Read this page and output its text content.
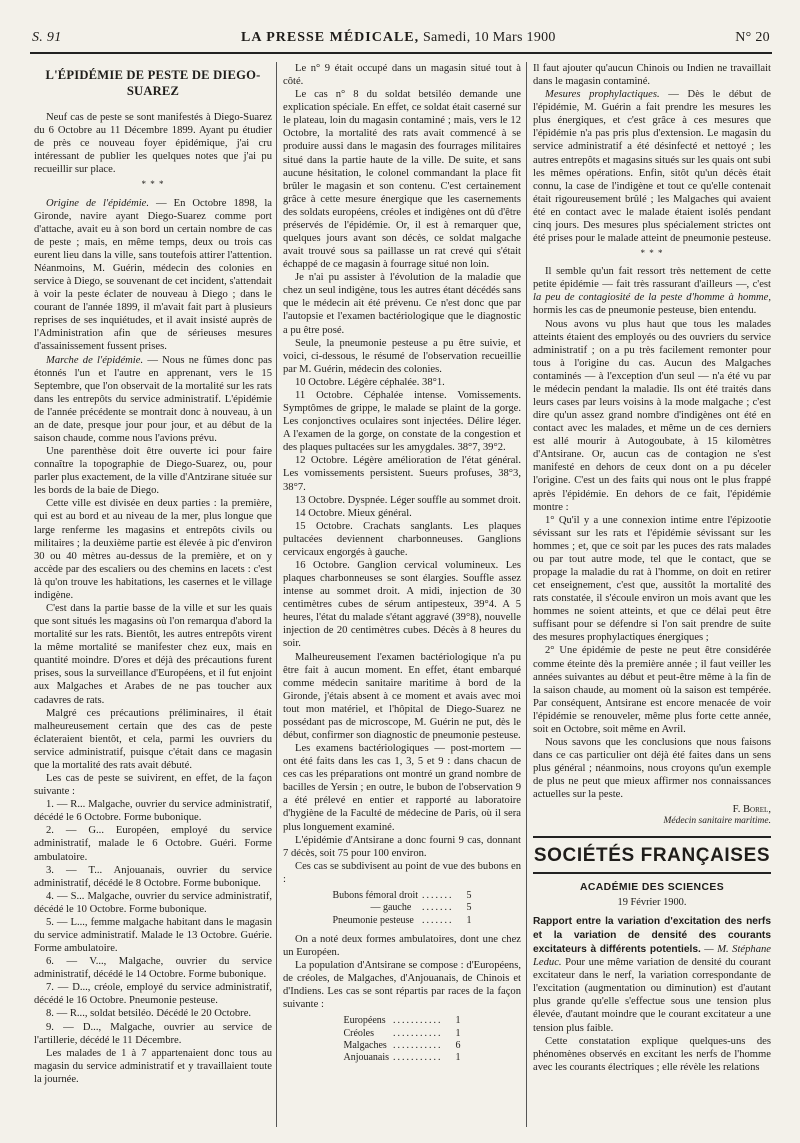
S. 91	LA PRESSE MÉDICALE, Samedi, 10 Mars 1900	N° 20
L'ÉPIDÉMIE DE PESTE DE DIEGO-SUAREZ

Neuf cas de peste se sont manifestés à Diego-Suarez du 6 Octobre au 11 Décembre 1899. Ayant pu étudier de près ce nouveau foyer épidémique, j'ai cru intéressant de publier les quelques notes que j'ai pu recueillir sur place.

* * *

Origine de l'épidémie. — En Octobre 1898, la Gironde, navire ayant Diego-Suarez comme port d'attache, avait eu à son bord un certain nombre de cas de peste ; mais, en même temps, deux ou trois cas eurent lieu dans la ville, sans toutefois attirer l'attention. Néanmoins, M. Guérin, médecin des colonies en service à Diego, se souvenant de cet incident, s'attendait à voir la peste éclater de nouveau à Diego ; dans le courant de l'année 1899, il m'avait fait part à plusieurs reprises de ses inquiétudes, et il avait insisté auprès de l'Administration afin que de sérieuses mesures d'assainissement fussent prises.

Marche de l'épidémie. — Nous ne fûmes donc pas étonnés l'un et l'autre en apprenant, vers le 15 Septembre, que l'on observait de la mortalité sur les rats dans les entrepôts du service administratif. L'épidémie de l'année précédente se montrait donc à nouveau, à un an de date, presque jour pour jour, et au début de la saison chaude, comme nous l'avions prévu.

Une parenthèse doit être ouverte ici pour faire connaître la topographie de Diego-Suarez, ou, pour parler plus exactement, de la ville d'Antzirane située sur les bords de la baie de Diego.

Cette ville est divisée en deux parties : la première, qui est au bord et au niveau de la mer, plus longue que large renferme les magasins et entrepôts civils ou militaires ; la deuxième partie est élevée à pic d'environ 30 ou 40 mètres au-dessus de la première, et on y accède par des escaliers ou des chemins en lacets : c'est là qu'on trouve les habitations, les casernes et le village indigène.

C'est dans la partie basse de la ville et sur les quais que sont situés les magasins où l'on remarqua d'abord la mortalité sur les rats. Bientôt, les autres entrepôts virent la même mortalité se manifester chez eux, mais en quantité moindre. D'ores et déjà des précautions furent prises, sous la surveillance d'Européens, et il fut enjoint aux Malgaches et Arabes de ne pas toucher aux cadavres de rats.

Malgré ces précautions préliminaires, il était malheureusement certain que des cas de peste éclateraient bientôt, et cela, parmi les ouvriers du service administratif, puisque c'était dans ce magasin que la mortalité des rats avait débuté.

Les cas de peste se suivirent, en effet, de la façon suivante :

1. — R... Malgache, ouvrier du service administratif, décédé le 6 Octobre. Forme bubonique.

2. — G... Européen, employé du service administratif, malade le 6 Octobre. Guéri. Forme ambulatoire.

3. — T... Anjouanais, ouvrier du service administratif, décédé le 8 Octobre. Forme bubonique.

4. — S... Malgache, ouvrier du service administratif, décédé le 10 Octobre. Forme bubonique.

5. — L..., femme malgache habitant dans le magasin du service administratif. Malade le 13 Octobre. Guérie. Forme ambulatoire.

6. — V..., Malgache, ouvrier du service administratif, décédé le 14 Octobre. Forme bubonique.

7. — D..., créole, employé du service administratif, décédé le 16 Octobre. Pneumonie pesteuse.

8. — R..., soldat betsiléo. Décédé le 20 Octobre.

9. — D..., Malgache, ouvrier au service de l'artillerie, décédé le 11 Décembre.

Les malades de 1 à 7 appartenaient donc tous au magasin du service administratif et y travaillaient toute la journée.

Le n° 9 était occupé dans un magasin situé tout à côté.

Le cas n° 8 du soldat betsiléo demande une explication spéciale. En effet, ce soldat était caserné sur le plateau, loin du magasin contaminé ; mais, vers le 12 Octobre, la mortalité des rats avait commencé à se produire aussi dans le magasin des fourrages militaires situé dans la partie haute de la ville. De suite, et sans aucune hésitation, le colonel commandant la place fit brûler le magasin et son contenu. C'est certainement grâce à cette mesure énergique que les casernements des soldats européens, créoles et indigènes ont dû d'être préservés de l'épidémie. Or, il est à remarquer que, quelques jours avant son décès, ce soldat malgache avait trouvé sous sa paillasse un rat crevé qui s'était échappé de ce magasin à fourrage situé non loin.

Je n'ai pu assister à l'évolution de la maladie que chez un seul indigène, tous les autres étant décédés sans que le médecin ait été prévenu. Ce n'est donc que par l'autopsie et l'examen bactériologique que le diagnostic a pu être posé.

Seule, la pneumonie pesteuse a pu être suivie, et voici, ci-dessous, le résumé de l'observation recueillie par M. Guérin, médecin des colonies.

10 Octobre. Légère céphalée. 38°1.

11 Octobre. Céphalée intense. Vomissements. Symptômes de grippe, le malade se plaint de la gorge. Les conjonctives oculaires sont injectées. Délire léger. A l'examen de la gorge, on constate de la congestion et des plaques pultacées sur les amygdales. 38°7, 39°2.

12 Octobre. Légère amélioration de l'état général. Les vomissements persistent. Sueurs profuses, 38°3, 38°7.

13 Octobre. Dyspnée. Léger souffle au sommet droit.

14 Octobre. Mieux général.

15 Octobre. Crachats sanglants. Les plaques pultacées deviennent charbonneuses. Ganglions cervicaux engorgés à gauche.

16 Octobre. Ganglion cervical volumineux. Les plaques charbonneuses se sont élargies. Souffle assez intense au sommet droit. A midi, injection de 30 centimètres cubes de sérum antipesteux, 39°4. A 5 heures, l'état du malade s'étant aggravé (39°8), nouvelle injection de 20 centimètres cubes. Décès à 8 heures du soir.

Malheureusement l'examen bactériologique n'a pu être fait à aucun moment. En effet, étant embarqué comme médecin sanitaire maritime à bord de la Gironde, j'étais absent à ce moment et avais avec moi tout mon matériel, et l'hôpital de Diego-Suarez ne possédant pas de microscope, M. Guérin ne put, dès le début, confirmer son diagnostic de pneumonie pesteuse.

Les examens bactériologiques — post-mortem — ont été faits dans les cas 1, 3, 5 et 9 : dans chacun de ces cas les préparations ont montré un grand nombre de bacilles de Yersin ; en outre, le bubon de l'observation 9 a été prélevé en entier et rapporté au laboratoire d'hygiène de la Faculté de médecine de Paris, où il sera plus longuement examiné.

L'épidémie d'Antsirane a donc fourni 9 cas, donnant 7 décès, soit 75 pour 100 environ.

Ces cas se subdivisent au point de vue des bubons en :

Bubons fémoral droit	.......	5
— gauche	.......	5
Pneumonie pesteuse	.......	1

On a noté deux formes ambulatoires, dont une chez un Européen.

La population d'Antsirane se compose : d'Européens, de créoles, de Malgaches, d'Anjouanais, de Chinois et d'Indiens. Les cas se sont répartis par races de la façon suivante :

Européens	...........	1
Créoles	...........	1
Malgaches	...........	6
Anjouanais	...........	1

Il faut ajouter qu'aucun Chinois ou Indien ne travaillait dans le magasin contaminé.

Mesures prophylactiques. — Dès le début de l'épidémie, M. Guérin a fait prendre les mesures les plus énergiques, et c'est grâce à ces mesures que l'épidémie n'a pas pris plus d'extension. Le magasin du service administratif a été désinfecté et nettoyé ; les autres entrepôts et magasins situés sur les quais ont subi les mêmes opérations. Enfin, sitôt qu'un décès était connu, la case de l'indigène et tout ce qu'elle contenait était rigoureusement brûlé ; les Malgaches qui avaient été en contact avec le malade étaient isolés pendant cinq jours. Des mesures plus spécialement strictes ont été prises pour le malade atteint de pneumonie pesteuse.

* * *

Il semble qu'un fait ressort très nettement de cette petite épidémie — fait très rassurant d'ailleurs —, c'est la peu de contagiosité de la peste d'homme à homme, hormis les cas de pneumonie pesteuse, bien entendu.

Nous avons vu plus haut que tous les malades atteints étaient des employés ou des ouvriers du service administratif ; on a pu très facilement remonter pour tous à l'origine du cas. Aucun des Malgaches contaminés — à l'exception d'un seul — n'a été vu par le médecin pendant la maladie. Ils ont été traités dans leurs cases par leurs voisins à la mode malgache ; c'est dire qu'un assez grand nombre d'indigènes ont été en contact avec les malades, et même un de ces derniers est allé mourir à Autogoubate, à 15 kilomètres d'Antsirane. Or, aucun cas de contagion ne s'est manifesté en dehors de ceux dont on a pu déceler l'origine. C'est un des faits qui nous ont le plus frappé après l'épidémie. En dehors de ce fait, l'épidémie montre :

1° Qu'il y a une connexion intime entre l'épizootie sévissant sur les rats et l'épidémie sévissant sur les hommes ; et, que ce soit par les puces des rats malades ou par tout autre mode, tel que le contact, que se propage la maladie du rat à l'homme, on doit en retirer cet enseignement, c'est que, aussitôt la mortalité des rats constatée, il s'écoule environ un mois avant que les hommes ne soient atteints, et que ce délai peut être suffisant pour se défendre si l'on sait prendre de suite des mesures prophylactiques énergiques ;

2° Une épidémie de peste ne peut être considérée comme éteinte dès la première année ; il faut veiller les années suivantes au début et peut-être même à la fin de la saison chaude, au moment où la saison est tempérée. Par conséquent, Antsirane est encore menacée de voir l'épidémie se renouveler, même plus forte cette année, soit en Octobre, soit même en Avril.

Nous savons que les conclusions que nous faisons dans ce cas particulier ont déjà été faites dans un sens plus général ; néanmoins, nous croyons qu'un exemple de plus ne peut que mieux affirmer nos connaissances actuelles sur la peste.

F. Borel,
Médecin sanitaire maritime.
SOCIÉTÉS FRANÇAISES
ACADÉMIE DES SCIENCES
19 Février 1900.

Rapport entre la variation d'excitation des nerfs et la variation de densité des courants excitateurs à différents potentiels. — M. Stéphane Leduc. Pour une même variation de densité du courant excitateur dans le nerf, la variation correspondante de l'excitation (augmentation ou diminution) est d'autant plus grande qu'elle s'effectue sous une tension plus élevée, d'autant moindre que le courant excitateur a une tension plus faible.

Cette constatation explique quelques-uns des phénomènes observés en excitant les nerfs de l'homme avec les courants électriques ; elle révèle les relations
